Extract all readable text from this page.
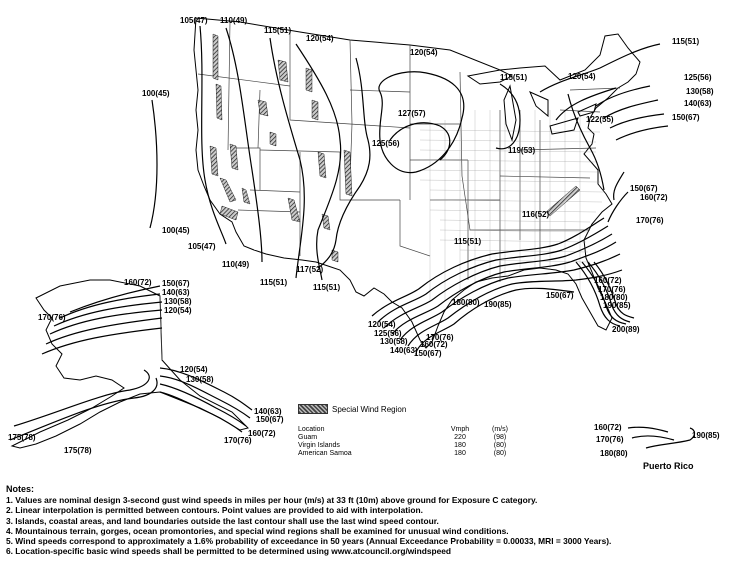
100(45)
100(45)
105(47)
105(47)
110(49)
110(49)
115(51)
115(51)
115(51)
115(51)
115(51)
115(51)
117(52)
120(54)
120(54)
120(54)
122(55)
125(56)
125(56)
127(57)
130(58)
140(63)
150(67)
119(53)
116(52)
150(67)
160(72)
170(76)
160(72)
170(76)
180(80)
190(85)
150(67)
200(89)
180(80) 190(85)
120(54)
125(56)
130(58)
140(63)
150(67)
160(72)
170(76)
160(72) 150(67)
140(63)
130(58)
120(54)
170(76)
120(54)
130(58)
140(63)
150(67)
160(72)
170(76)
175(78)
175(78)
160(72)
170(76)
180(80)
190(85)
Puerto Rico
Special Wind Region
Location	Vmph	(m/s)
Guam	220	(98)
Virgin Islands	180	(80)
American Samoa	180	(80)
Notes:
1. Values are nominal design 3-second gust wind speeds in miles per hour (m/s) at 33 ft (10m) above ground for Exposure C category.
2. Linear interpolation is permitted between contours. Point values are provided to aid with interpolation.
3. Islands, coastal areas, and land boundaries outside the last contour shall use the last wind speed contour.
4. Mountainous terrain, gorges, ocean promontories, and special wind regions shall be examined for unusual wind conditions.
5. Wind speeds correspond to approximately a 1.6% probability of exceedance in 50 years (Annual Exceedance Probability = 0.00033, MRI = 3000 Years).
6. Location-specific basic wind speeds shall be permitted to be determined using www.atcouncil.org/windspeed
